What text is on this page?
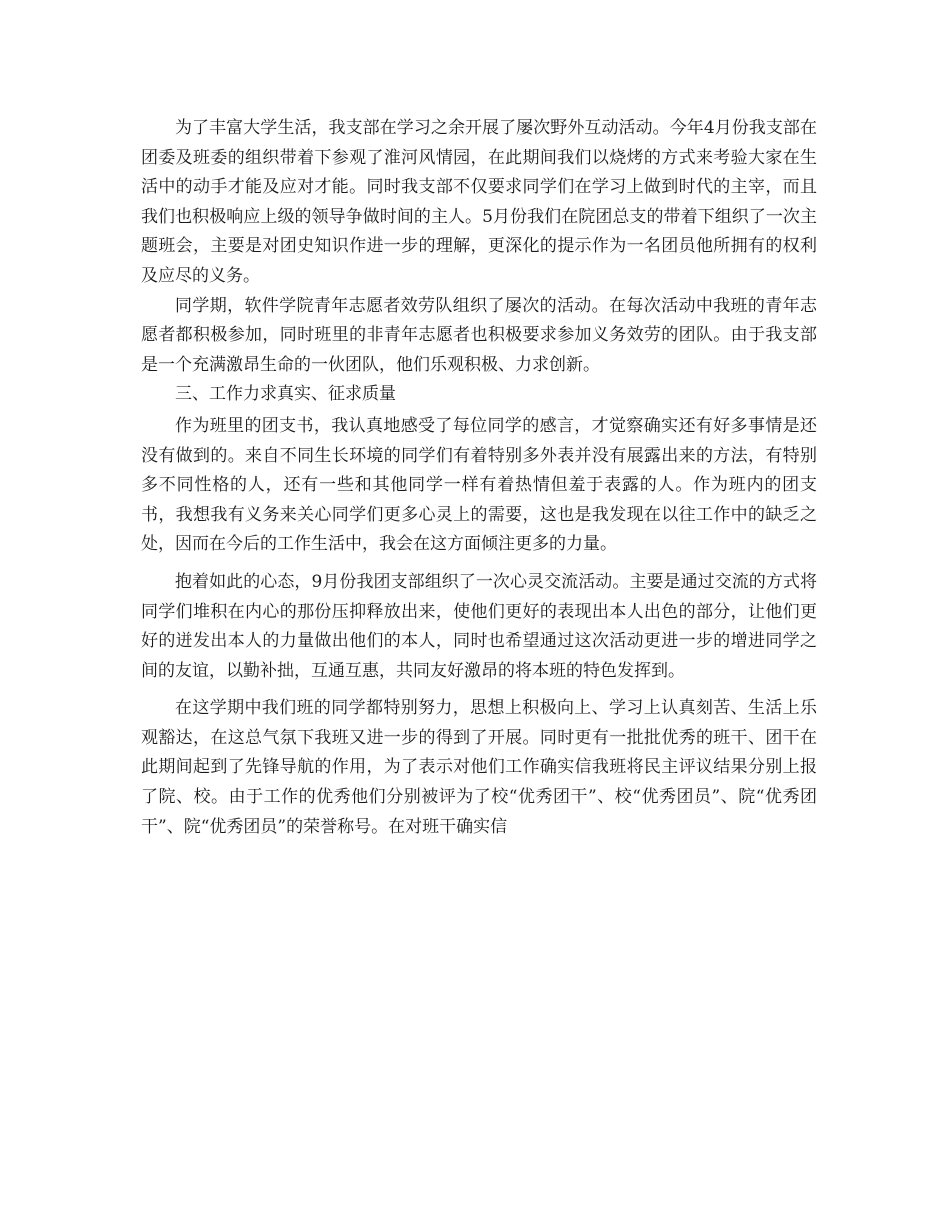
为了丰富大学生活，我支部在学习之余开展了屡次野外互动活动。今年4月份我支部在团委及班委的组织带着下参观了淮河风情园，在此期间我们以烧烤的方式来考验大家在生活中的动手才能及应对才能。同时我支部不仅要求同学们在学习上做到时代的主宰，而且我们也积极响应上级的领导争做时间的主人。5月份我们在院团总支的带着下组织了一次主题班会，主要是对团史知识作进一步的理解，更深化的提示作为一名团员他所拥有的权利及应尽的义务。

同学期，软件学院青年志愿者效劳队组织了屡次的活动。在每次活动中我班的青年志愿者都积极参加，同时班里的非青年志愿者也积极要求参加义务效劳的团队。由于我支部是一个充满激昂生命的一伙团队，他们乐观积极、力求创新。

三、工作力求真实、征求质量

作为班里的团支书，我认真地感受了每位同学的感言，才觉察确实还有好多事情是还没有做到的。来自不同生长环境的同学们有着特别多外表并没有展露出来的方法，有特别多不同性格的人，还有一些和其他同学一样有着热情但羞于表露的人。作为班内的团支书，我想我有义务来关心同学们更多心灵上的需要，这也是我发现在以往工作中的缺乏之处，因而在今后的工作生活中，我会在这方面倾注更多的力量。

抱着如此的心态，9月份我团支部组织了一次心灵交流活动。主要是通过交流的方式将同学们堆积在内心的那份压抑释放出来，使他们更好的表现出本人出色的部分，让他们更好的迸发出本人的力量做出他们的本人，同时也希望通过这次活动更进一步的增进同学之间的友谊，以勤补拙，互通互惠，共同友好激昂的将本班的特色发挥到。

在这学期中我们班的同学都特别努力，思想上积极向上、学习上认真刻苦、生活上乐观豁达，在这总气氛下我班又进一步的得到了开展。同时更有一批批优秀的班干、团干在此期间起到了先锋导航的作用，为了表示对他们工作确实信我班将民主评议结果分别上报了院、校。由于工作的优秀他们分别被评为了校“优秀团干”、校“优秀团员”、院“优秀团干”、院“优秀团员”的荣誉称号。在对班干确实信
